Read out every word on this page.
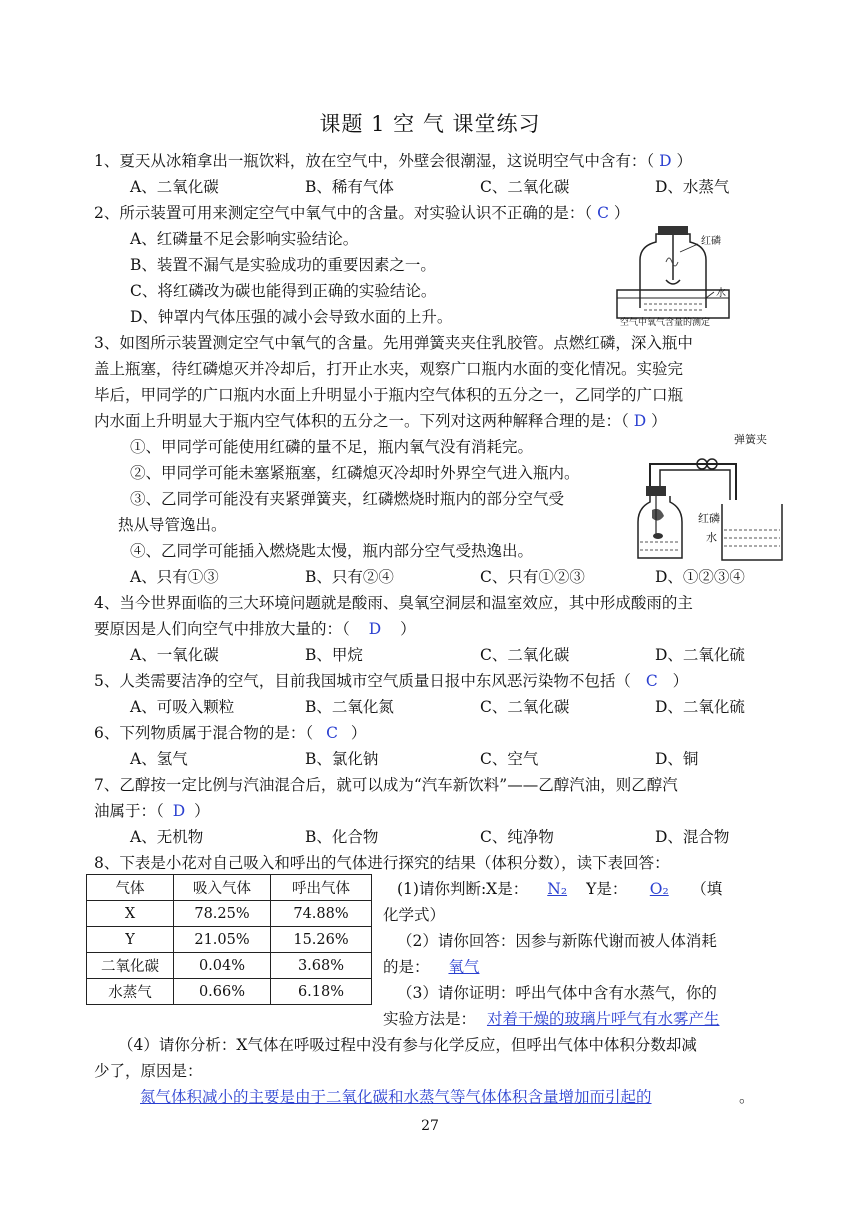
课题 1 空 气 课堂练习
1、夏天从冰箱拿出一瓶饮料，放在空气中，外壁会很潮湿，这说明空气中含有：（ D ）
A、二氧化碳	B、稀有气体	C、二氧化碳	D、水蒸气
2、所示装置可用来测定空气中氧气中的含量。对实验认识不正确的是：（ C ）
A、红磷量不足会影响实验结论。
B、装置不漏气是实验成功的重要因素之一。
C、将红磷改为碳也能得到正确的实验结论。
D、钟罩内气体压强的减小会导致水面的上升。
红磷
水
空气中氧气含量的测定
3、如图所示装置测定空气中氧气的含量。先用弹簧夹夹住乳胶管。点燃红磷，深入瓶中
盖上瓶塞，待红磷熄灭并冷却后，打开止水夹，观察广口瓶内水面的变化情况。实验完
毕后，甲同学的广口瓶内水面上升明显小于瓶内空气体积的五分之一，乙同学的广口瓶
内水面上升明显大于瓶内空气体积的五分之一。下列对这两种解释合理的是：（ D ）
①、甲同学可能使用红磷的量不足，瓶内氧气没有消耗完。
②、甲同学可能未塞紧瓶塞，红磷熄灭冷却时外界空气进入瓶内。
③、乙同学可能没有夹紧弹簧夹，红磷燃烧时瓶内的部分空气受
热从导管逸出。
④、乙同学可能插入燃烧匙太慢，瓶内部分空气受热逸出。
A、只有①③	B、只有②④	C、只有①②③	D、①②③④
弹簧夹
红磷
水
4、当今世界面临的三大环境问题就是酸雨、臭氧空洞层和温室效应，其中形成酸雨的主
要原因是人们向空气中排放大量的：（ D ）
A、一氧化碳	B、甲烷	C、二氧化碳	D、二氧化硫
5、人类需要洁净的空气，目前我国城市空气质量日报中东风恶污染物不包括（ C ）
A、可吸入颗粒	B、二氧化氮	C、二氧化碳	D、二氧化硫
6、下列物质属于混合物的是：（ C ）
A、氢气	B、氯化钠	C、空气	D、铜
7、乙醇按一定比例与汽油混合后，就可以成为“汽车新饮料”——乙醇汽油，则乙醇汽
油属于：（ D ）
A、无机物	B、化合物	C、纯净物	D、混合物
8、下表是小花对自己吸入和呼出的气体进行探究的结果（体积分数），读下表回答：
气体	吸入气体	呼出气体
X	78.25%	74.88%
Y	21.05%	15.26%
二氧化碳	0.04%	3.68%
水蒸气	0.66%	6.18%
(1)请你判断:X是： N₂ Y是： O₂ （填
化学式）
（2）请你回答：因参与新陈代谢而被人体消耗
的是： 氧气
（3）请你证明：呼出气体中含有水蒸气，你的
实验方法是： 对着干燥的玻璃片呼气有水雾产生
（4）请你分析：X气体在呼吸过程中没有参与化学反应，但呼出气体中体积分数却减
少了，原因是：
氮气体积减小的主要是由于二氧化碳和水蒸气等气体体积含量增加而引起的	。
27
